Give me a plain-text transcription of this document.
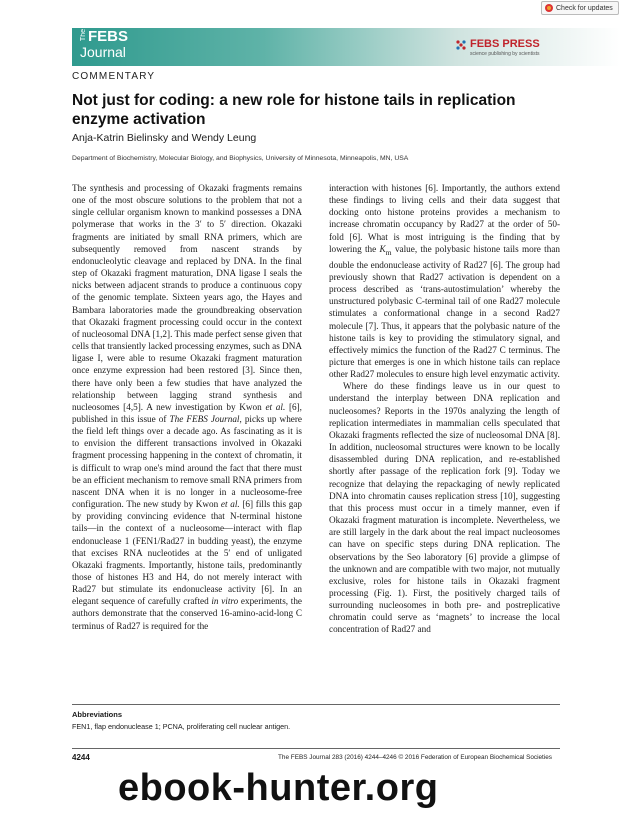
Check for updates
TheFEBS
Journal	FEBS PRESS
science publishing by scientists
COMMENTARY
Not just for coding: a new role for histone tails in replication enzyme activation
Anja-Katrin Bielinsky and Wendy Leung
Department of Biochemistry, Molecular Biology, and Biophysics, University of Minnesota, Minneapolis, MN, USA

The synthesis and processing of Okazaki fragments remains one of the most obscure solutions to the problem that not a single cellular organism known to mankind possesses a DNA polymerase that works in the 3′ to 5′ direction. Okazaki fragments are initiated by small RNA primers, which are subsequently removed from nascent strands by endonucleolytic cleavage and replaced by DNA. In the final step of Okazaki fragment maturation, DNA ligase I seals the nicks between adjacent strands to produce a continuous copy of the genomic template. Sixteen years ago, the Hayes and Bambara laboratories made the groundbreaking observation that Okazaki fragment processing could occur in the context of nucleosomal DNA [1,2]. This made perfect sense given that cells that transiently lacked processing enzymes, such as DNA ligase I, were able to resume Okazaki fragment maturation once enzyme expression had been restored [3]. Since then, there have only been a few studies that have analyzed the relationship between lagging strand synthesis and nucleosomes [4,5]. A new investigation by Kwon et al. [6], published in this issue of The FEBS Journal, picks up where the field left things over a decade ago. As fascinating as it is to envision the different transactions involved in Okazaki fragment processing happening in the context of chromatin, it is difficult to wrap one's mind around the fact that there must be an efficient mechanism to remove small RNA primers from nascent DNA when it is no longer in a nucleosome-free configuration. The new study by Kwon et al. [6] fills this gap by providing convincing evidence that N-terminal histone tails—in the context of a nucleosome—interact with flap endonuclease 1 (FEN1/Rad27 in budding yeast), the enzyme that excises RNA nucleotides at the 5′ end of unligated Okazaki fragments. Importantly, histone tails, predominantly those of histones H3 and H4, do not merely interact with Rad27 but stimulate its endonuclease activity [6]. In an elegant sequence of carefully crafted in vitro experiments, the authors demonstrate that the conserved 16-amino-acid-long C terminus of Rad27 is required for the

interaction with histones [6]. Importantly, the authors extend these findings to living cells and their data suggest that docking onto histone proteins provides a mechanism to increase chromatin occupancy by Rad27 at the order of 50-fold [6]. What is most intriguing is the finding that by lowering the $K_m$ value, the polybasic histone tails more than double the endonuclease activity of Rad27 [6]. The group had previously shown that Rad27 activation is dependent on a process described as ‘trans-autostimulation’ whereby the unstructured polybasic C-terminal tail of one Rad27 molecule stimulates a conformational change in a second Rad27 molecule [7]. Thus, it appears that the polybasic nature of the histone tails is key to providing the stimulatory signal, and effectively mimics the function of the Rad27 C terminus. The picture that emerges is one in which histone tails can replace other Rad27 molecules to ensure high level enzymatic activity.

Where do these findings leave us in our quest to understand the interplay between DNA replication and nucleosomes? Reports in the 1970s analyzing the length of replication intermediates in mammalian cells speculated that Okazaki fragments reflected the size of nucleosomal DNA [8]. In addition, nucleosomal structures were known to be locally disassembled during DNA replication, and re-established shortly after passage of the replication fork [9]. Today we recognize that delaying the repackaging of newly replicated DNA into chromatin causes replication stress [10], suggesting that this process must occur in a timely manner, even if Okazaki fragment maturation is incomplete. Nevertheless, we are still largely in the dark about the real impact nucleosomes can have on specific steps during DNA replication. The observations by the Seo laboratory [6] provide a glimpse of the unknown and are compatible with two major, not mutually exclusive, roles for histone tails in Okazaki fragment processing (Fig. 1). First, the positively charged tails of surrounding nucleosomes in both pre- and postreplicative chromatin could serve as ‘magnets’ to increase the local concentration of Rad27 and

Abbreviations
FEN1, flap endonuclease 1; PCNA, proliferating cell nuclear antigen.
4244	The FEBS Journal 283 (2016) 4244–4246 © 2016 Federation of European Biochemical Societies
ebook-hunter.org
